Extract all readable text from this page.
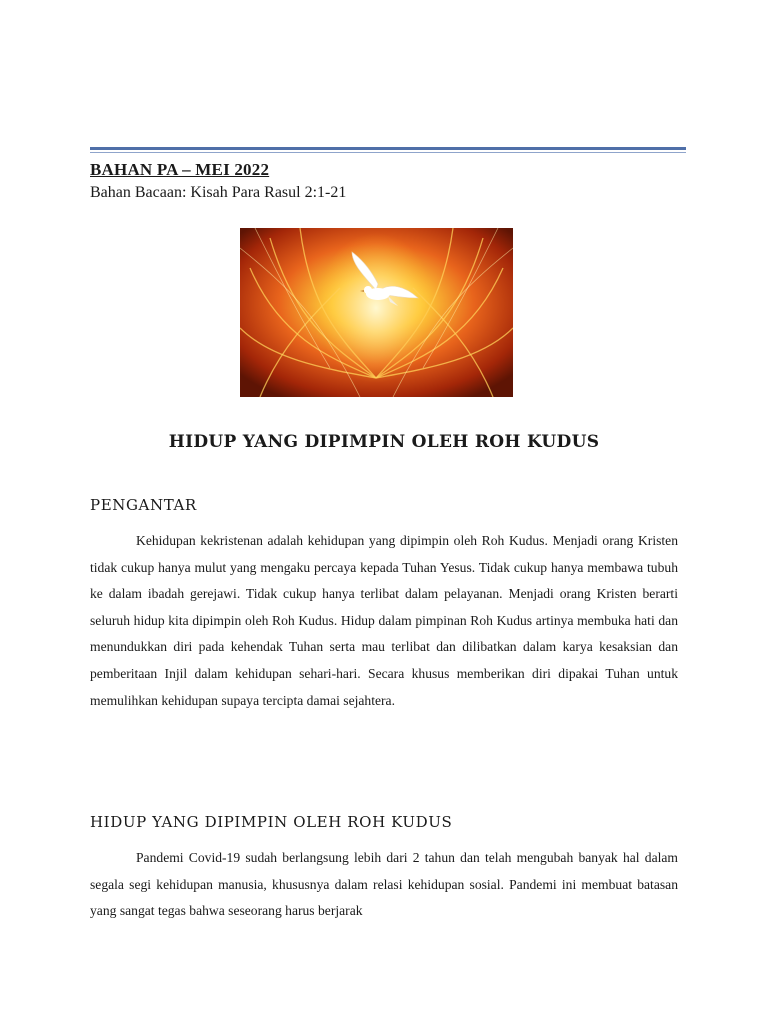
BAHAN PA – MEI 2022
Bahan Bacaan: Kisah Para Rasul 2:1-21
HIDUP YANG DIPIMPIN OLEH ROH KUDUS
PENGANTAR
Kehidupan kekristenan adalah kehidupan yang dipimpin oleh Roh Kudus. Menjadi orang Kristen tidak cukup hanya mulut yang mengaku percaya kepada Tuhan Yesus. Tidak cukup hanya membawa tubuh ke dalam ibadah gerejawi. Tidak cukup hanya terlibat dalam pelayanan. Menjadi orang Kristen berarti seluruh hidup kita dipimpin oleh Roh Kudus. Hidup dalam pimpinan Roh Kudus artinya membuka hati dan menundukkan diri pada kehendak Tuhan serta mau terlibat dan dilibatkan dalam karya kesaksian dan pemberitaan Injil dalam kehidupan sehari-hari. Secara khusus memberikan diri dipakai Tuhan untuk memulihkan kehidupan supaya tercipta damai sejahtera.
HIDUP YANG DIPIMPIN OLEH ROH KUDUS
Pandemi Covid-19 sudah berlangsung lebih dari 2 tahun dan telah mengubah banyak hal dalam segala segi kehidupan manusia, khususnya dalam relasi kehidupan sosial. Pandemi ini membuat batasan yang sangat tegas bahwa seseorang harus berjarak
